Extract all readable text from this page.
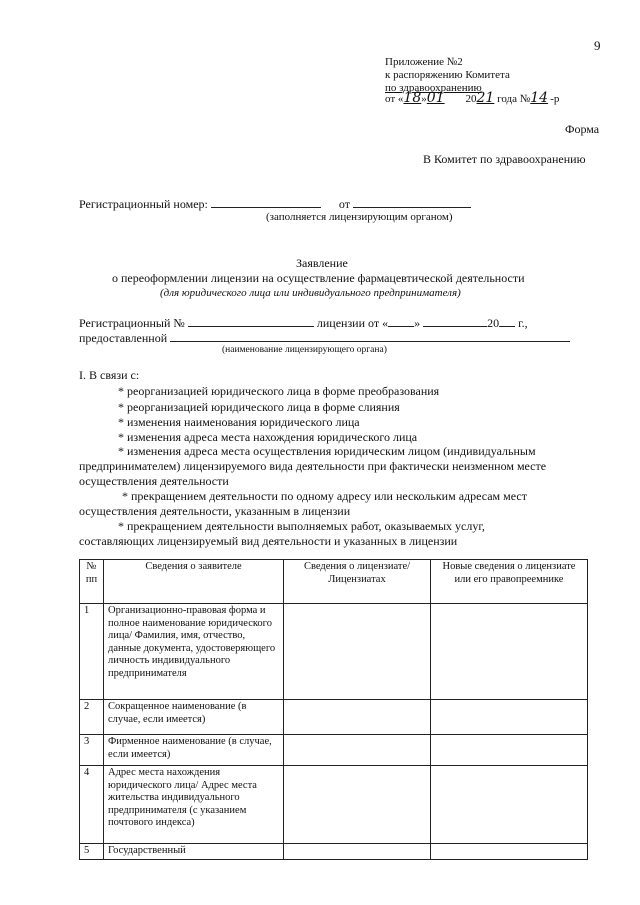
9
Приложение №2
к распоряжению Комитета
по здравоохранению
от «18»01 2021 года №14 -р
Форма
В Комитет по здравоохранению
Регистрационный номер:	от
(заполняется лицензирующим органом)
Заявление
о переоформлении лицензии на осуществление фармацевтической деятельности
(для юридического лица или индивидуального предпринимателя)
Регистрационный №	лицензии от « »	20 г.,
предоставленной
(наименование лицензирующего органа)
I. В связи с:
* реорганизацией юридического лица в форме преобразования
* реорганизацией юридического лица в форме слияния
* изменения наименования юридического лица
* изменения адреса места нахождения юридического лица
* изменения адреса места осуществления юридическим лицом (индивидуальным
предпринимателем) лицензируемого вида деятельности при фактически неизменном месте
осуществления деятельности
* прекращением деятельности по одному адресу или нескольким адресам мест
осуществления деятельности, указанным в лицензии
* прекращением деятельности выполняемых работ, оказываемых услуг,
составляющих лицензируемый вид деятельности и указанных в лицензии
№ пп	Сведения о заявителе	Сведения о лицензиате/ Лицензиатах	Новые сведения о лицензиате или его правопреемнике
1	Организационно-правовая форма и полное наименование юридического лица/ Фамилия, имя, отчество, данные документа, удостоверяющего личность индивидуального предпринимателя		
2	Сокращенное наименование (в случае, если имеется)		
3	Фирменное наименование (в случае, если имеется)		
4	Адрес места нахождения юридического лица/ Адрес места жительства индивидуального предпринимателя (с указанием почтового индекса)		
5	Государственный		
